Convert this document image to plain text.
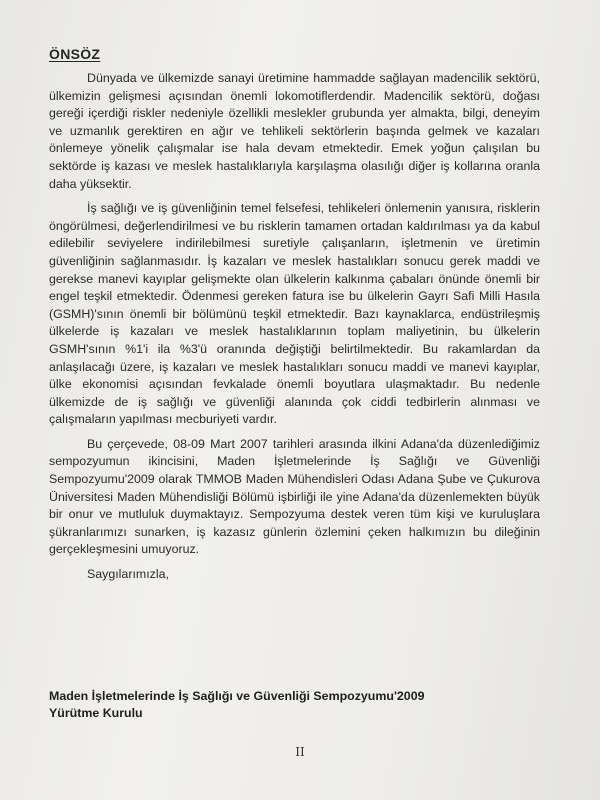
ÖNSÖZ

Dünyada ve ülkemizde sanayi üretimine hammadde sağlayan madencilik sektörü, ülkemizin gelişmesi açısından önemli lokomotiflerdendir. Madencilik sektörü, doğası gereği içerdiği riskler nedeniyle özellikli meslekler grubunda yer almakta, bilgi, deneyim ve uzmanlık gerektiren en ağır ve tehlikeli sektörlerin başında gelmek ve kazaları önlemeye yönelik çalışmalar ise hala devam etmektedir. Emek yoğun çalışılan bu sektörde iş kazası ve meslek hastalıklarıyla karşılaşma olasılığı diğer iş kollarına oranla daha yüksektir.

İş sağlığı ve iş güvenliğinin temel felsefesi, tehlikeleri önlemenin yanısıra, risklerin öngörülmesi, değerlendirilmesi ve bu risklerin tamamen ortadan kaldırılması ya da kabul edilebilir seviyelere indirilebilmesi suretiyle çalışanların, işletmenin ve üretimin güvenliğinin sağlanmasıdır. İş kazaları ve meslek hastalıkları sonucu gerek maddi ve gerekse manevi kayıplar gelişmekte olan ülkelerin kalkınma çabaları önünde önemli bir engel teşkil etmektedir. Ödenmesi gereken fatura ise bu ülkelerin Gayrı Safi Milli Hasıla (GSMH)'sının önemli bir bölümünü teşkil etmektedir. Bazı kaynaklarca, endüstrileşmiş ülkelerde iş kazaları ve meslek hastalıklarının toplam maliyetinin, bu ülkelerin GSMH'sının %1'i ila %3'ü oranında değiştiği belirtilmektedir. Bu rakamlardan da anlaşılacağı üzere, iş kazaları ve meslek hastalıkları sonucu maddi ve manevi kayıplar, ülke ekonomisi açısından fevkalade önemli boyutlara ulaşmaktadır. Bu nedenle ülkemizde de iş sağlığı ve güvenliği alanında çok ciddi tedbirlerin alınması ve çalışmaların yapılması mecburiyeti vardır.

Bu çerçevede, 08-09 Mart 2007 tarihleri arasında ilkini Adana'da düzenlediğimiz sempozyumun ikincisini, Maden İşletmelerinde İş Sağlığı ve Güvenliği Sempozyumu'2009 olarak TMMOB Maden Mühendisleri Odası Adana Şube ve Çukurova Üniversitesi Maden Mühendisliği Bölümü işbirliği ile yine Adana'da düzenlemekten büyük bir onur ve mutluluk duymaktayız. Sempozyuma destek veren tüm kişi ve kuruluşlara şükranlarımızı sunarken, iş kazasız günlerin özlemini çeken halkımızın bu dileğinin gerçekleşmesini umuyoruz.

Saygılarımızla,

Maden İşletmelerinde İş Sağlığı ve Güvenliği Sempozyumu'2009
Yürütme Kurulu
II
